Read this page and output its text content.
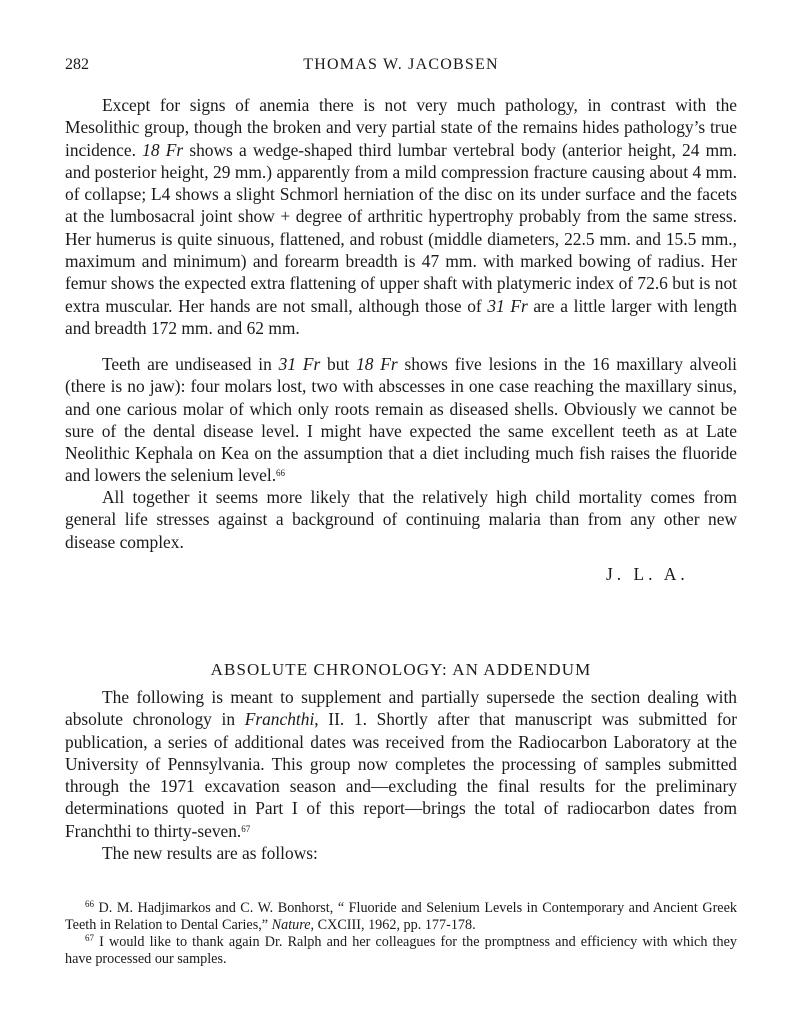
282	THOMAS W. JACOBSEN

Except for signs of anemia there is not very much pathology, in contrast with the Mesolithic group, though the broken and very partial state of the remains hides pathology’s true incidence. 18 Fr shows a wedge-shaped third lumbar vertebral body (anterior height, 24 mm. and posterior height, 29 mm.) apparently from a mild compression fracture causing about 4 mm. of collapse; L4 shows a slight Schmorl herniation of the disc on its under surface and the facets at the lumbosacral joint show + degree of arthritic hypertrophy probably from the same stress. Her humerus is quite sinuous, flattened, and robust (middle diameters, 22.5 mm. and 15.5 mm., maximum and minimum) and forearm breadth is 47 mm. with marked bowing of radius. Her femur shows the expected extra flattening of upper shaft with platymeric index of 72.6 but is not extra muscular. Her hands are not small, although those of 31 Fr are a little larger with length and breadth 172 mm. and 62 mm.

Teeth are undiseased in 31 Fr but 18 Fr shows five lesions in the 16 maxillary alveoli (there is no jaw): four molars lost, two with abscesses in one case reaching the maxillary sinus, and one carious molar of which only roots remain as diseased shells. Obviously we cannot be sure of the dental disease level. I might have expected the same excellent teeth as at Late Neolithic Kephala on Kea on the assumption that a diet including much fish raises the fluoride and lowers the selenium level.$^{66}$

All together it seems more likely that the relatively high child mortality comes from general life stresses against a background of continuing malaria than from any other new disease complex.

J. L. A.
ABSOLUTE CHRONOLOGY: AN ADDENDUM

The following is meant to supplement and partially supersede the section dealing with absolute chronology in Franchthi, II. 1. Shortly after that manuscript was submitted for publication, a series of additional dates was received from the Radiocarbon Laboratory at the University of Pennsylvania. This group now completes the processing of samples submitted through the 1971 excavation season and—excluding the final results for the preliminary determinations quoted in Part I of this report—brings the total of radiocarbon dates from Franchthi to thirty-seven.$^{67}$

The new results are as follows:

$^{66}$ D. M. Hadjimarkos and C. W. Bonhorst, “ Fluoride and Selenium Levels in Contemporary and Ancient Greek Teeth in Relation to Dental Caries,” Nature, CXCIII, 1962, pp. 177-178.

$^{67}$ I would like to thank again Dr. Ralph and her colleagues for the promptness and efficiency with which they have processed our samples.
